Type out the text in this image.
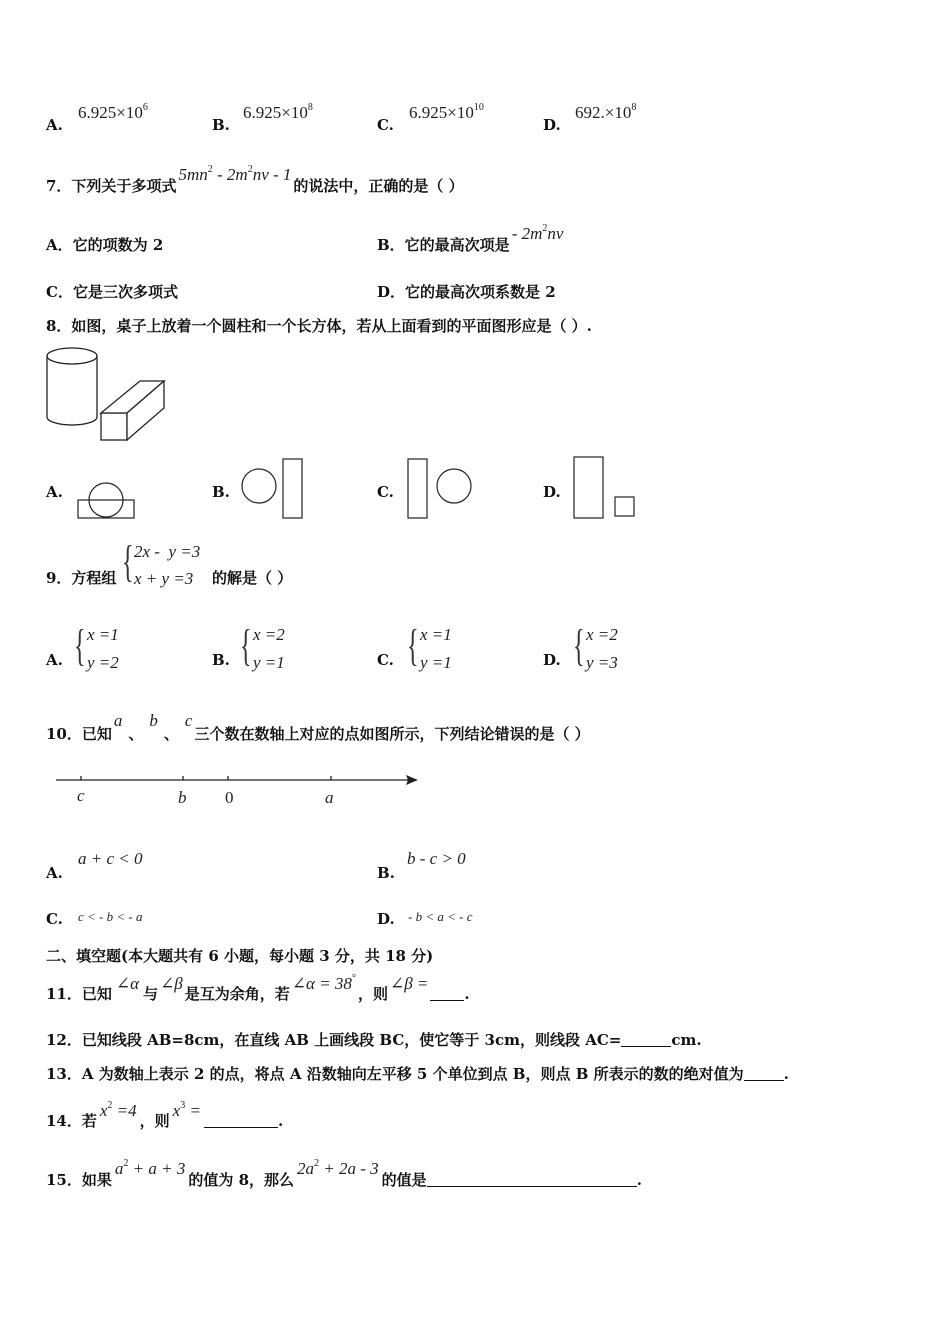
A.
$6.925\times 10^6$
B.
$6.925\times 10^8$
C.
$6.925\times 10^{10}$
D.
$692.\times 10^8$
7．下列关于多项式$5mn^2 - 2m^2nv - 1$的说法中，正确的是（ ）
A．它的项数为 2	B．它的最高次项是- $2m^2nv$
C．它是三次多项式	D．它的最高次项系数是 2
8．如图，桌子上放着一个圆柱和一个长方体，若从上面看到的平面图形应是（ ）.
A.	B.	C.	D.
9．方程组 { 2x -  y =3
x + y =3 的解是（ ）
A. { x =1
y =2	B. { x =2
y =1	C. { x =1
y =1	D. { x =2
y =3
10．已知a、b、c三个数在数轴上对应的点如图所示，下列结论错误的是（ ）
c	b 0	a
A.
a + c < 0
B.
b - c > 0
C. c < - b < - a	D. - b < a < - c
二、填空题(本大题共有 6 小题，每小题 3 分，共 18 分)
11．已知∠α与∠β是互为余角，若∠α = 38°，则∠β =.
12．已知线段 AB=8cm，在直线 AB 上画线段 BC，使它等于 3cm，则线段 AC=	cm.
13．A 为数轴上表示 2 的点，将点 A 沿数轴向左平移 5 个单位到点 B，则点 B 所表示的数的绝对值为	.
14．若$x^2 =4$，则$x^3$ =.
15．如果$a^2 + a + 3$的值为 8，那么$2a^2 + 2a - 3$的值是	.
